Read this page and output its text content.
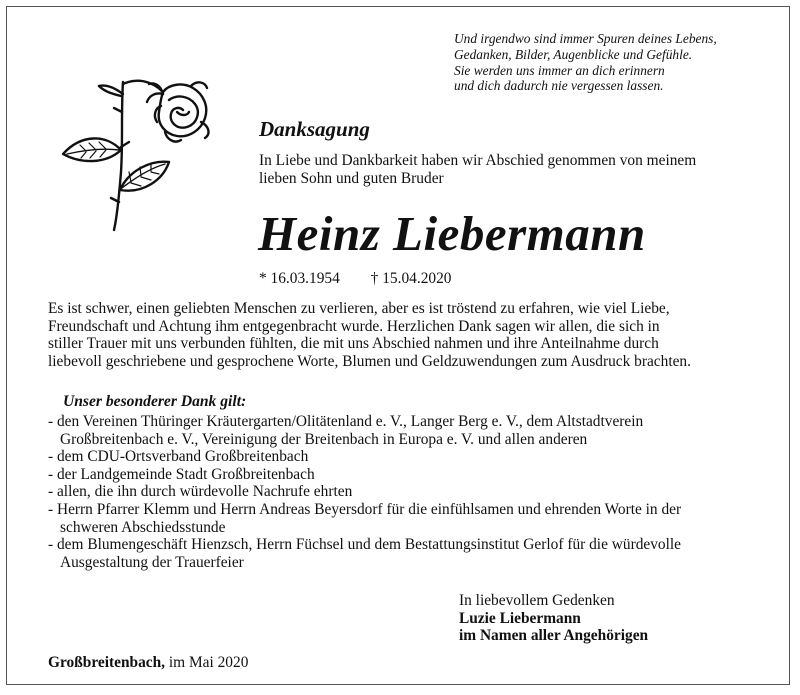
Und irgendwo sind immer Spuren deines Lebens,
Gedanken, Bilder, Augenblicke und Gefühle.
Sie werden uns immer an dich erinnern
und dich dadurch nie vergessen lassen.
Danksagung
In Liebe und Dankbarkeit haben wir Abschied genommen von meinem
lieben Sohn und guten Bruder
Heinz Liebermann
* 16.03.1954 † 15.04.2020
Es ist schwer, einen geliebten Menschen zu verlieren, aber es ist tröstend zu erfahren, wie viel Liebe,
Freundschaft und Achtung ihm entgegenbracht wurde. Herzlichen Dank sagen wir allen, die sich in
stiller Trauer mit uns verbunden fühlten, die mit uns Abschied nahmen und ihre Anteilnahme durch
liebevoll geschriebene und gesprochene Worte, Blumen und Geldzuwendungen zum Ausdruck brachten.
Unser besonderer Dank gilt:
- den Vereinen Thüringer Kräutergarten/Olitätenland e. V., Langer Berg e. V., dem Altstadtverein
Großbreitenbach e. V., Vereinigung der Breitenbach in Europa e. V. und allen anderen
- dem CDU-Ortsverband Großbreitenbach
- der Landgemeinde Stadt Großbreitenbach
- allen, die ihn durch würdevolle Nachrufe ehrten
- Herrn Pfarrer Klemm und Herrn Andreas Beyersdorf für die einfühlsamen und ehrenden Worte in der
schweren Abschiedsstunde
- dem Blumengeschäft Hienzsch, Herrn Füchsel und dem Bestattungsinstitut Gerlof für die würdevolle
Ausgestaltung der Trauerfeier
In liebevollem Gedenken
Luzie Liebermann
im Namen aller Angehörigen
Großbreitenbach, im Mai 2020
